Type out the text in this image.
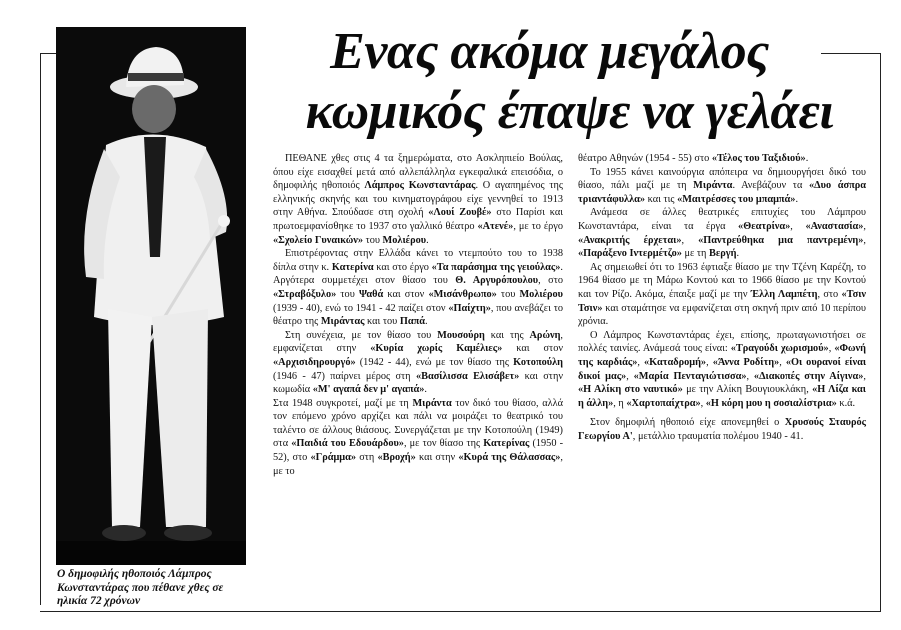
Ο δημοφιλής ηθοποιός Λάμπρος Κωνσταντάρας που πέθανε χθες σε ηλικία 72 χρόνων
Ενας ακόμα μεγάλος
κωμικός έπαψε να γελάει

ΠΕΘΑΝΕ χθες στις 4 τα ξημερώματα, στο Ασκληπιείο Βούλας, όπου είχε εισαχθεί μετά από αλλεπάλληλα εγκεφαλικά επεισόδια, ο δημοφιλής ηθοποιός Λάμπρος Κωνσταντάρας. Ο αγαπημένος της ελληνικής σκηνής και του κινηματογράφου είχε γεννηθεί το 1913 στην Αθήνα. Σπούδασε στη σχολή «Λουί Ζουβέ» στο Παρίσι και πρωτοεμφανίσθηκε το 1937 στο γαλλικό θέατρο «Ατενέ», με το έργο «Σχολείο Γυναικών» του Μολιέρου.

Επιστρέφοντας στην Ελλάδα κάνει το ντεμπούτο του το 1938 δίπλα στην κ. Κατερίνα και στο έργο «Τα παράσημα της γειούλας». Αργότερα συμμετέχει στον θίασο του Θ. Αργυρόπουλου, στο «Στραβόξυλο» του Ψαθά και στον «Μισάνθρωπο» του Μολιέρου (1939 - 40), ενώ το 1941 - 42 παίζει στον «Παίχτη», που ανεβάζει το θέατρο της Μιράντας και του Παπά.

Στη συνέχεια, με τον θίασο του Μουσούρη και της Αρώνη, εμφανίζεται στην «Κυρία χωρίς Καμέλιες» και στον «Αρχισιδηρουργό» (1942 - 44), ενώ με τον θίασο της Κοτοπούλη (1946 - 47) παίρνει μέρος στη «Βασίλισσα Ελισάβετ» και στην κωμωδία «Μ' αγαπά δεν μ' αγαπά».

Στα 1948 συγκροτεί, μαζί με τη Μιράντα τον δικό του θίασο, αλλά τον επόμενο χρόνο αρχίζει και πάλι να μοιράζει το θεατρικό του ταλέντο σε άλλους θιάσους. Συνεργάζεται με την Κοτοπούλη (1949) στα «Παιδιά του Εδουάρδου», με τον θίασο της Κατερίνας (1950 - 52), στο «Γράμμα» στη «Βροχή» και στην «Κυρά της Θάλασσας», με το

θέατρο Αθηνών (1954 - 55) στο «Τέλος του Ταξιδιού».

Το 1955 κάνει καινούργια απόπειρα να δημιουργήσει δικό του θίασο, πάλι μαζί με τη Μιράντα. Ανεβάζουν τα «Δυο άσπρα τριαντάφυλλα» και τις «Μαιτρέσσες του μπαμπά».

Ανάμεσα σε άλλες θεατρικές επιτυχίες του Λάμπρου Κωνσταντάρα, είναι τα έργα «Θεατρίνα», «Αναστασία», «Ανακριτής έρχεται», «Παντρεύθηκα μια παντρεμένη», «Παράξενο Ιντερμέτζο» με τη Βεργή.

Ας σημειωθεί ότι το 1963 έφτιαξε θίασο με την Τζένη Καρέζη, το 1964 θίασο με τη Μάρω Κοντού και το 1966 θίασο με την Κοντού και τον Ρίζο. Ακόμα, έπαιξε μαζί με την Έλλη Λαμπέτη, στο «Τσιν Τσιν» και σταμάτησε να εμφανίζεται στη σκηνή πριν από 10 περίπου χρόνια.

Ο Λάμπρος Κωνσταντάρας έχει, επίσης, πρωταγωνιστήσει σε πολλές ταινίες. Ανάμεσά τους είναι: «Τραγούδι χωρισμού», «Φωνή της καρδιάς», «Καταδρομή», «Άννα Ροδίτη», «Οι ουρανοί είναι δικοί μας», «Μαρία Πενταγιώτισσα», «Διακοπές στην Αίγινα», «Η Αλίκη στο ναυτικό» με την Αλίκη Βουγιουκλάκη, «Η Λίζα και η άλλη», η «Χαρτοπαίχτρα», «Η κόρη μου η σοσιαλίστρια» κ.ά.

Στον δημοφιλή ηθοποιό είχε απονεμηθεί ο Χρυσούς Σταυρός Γεωργίου Α', μετάλλιο τραυματία πολέμου 1940 - 41.
